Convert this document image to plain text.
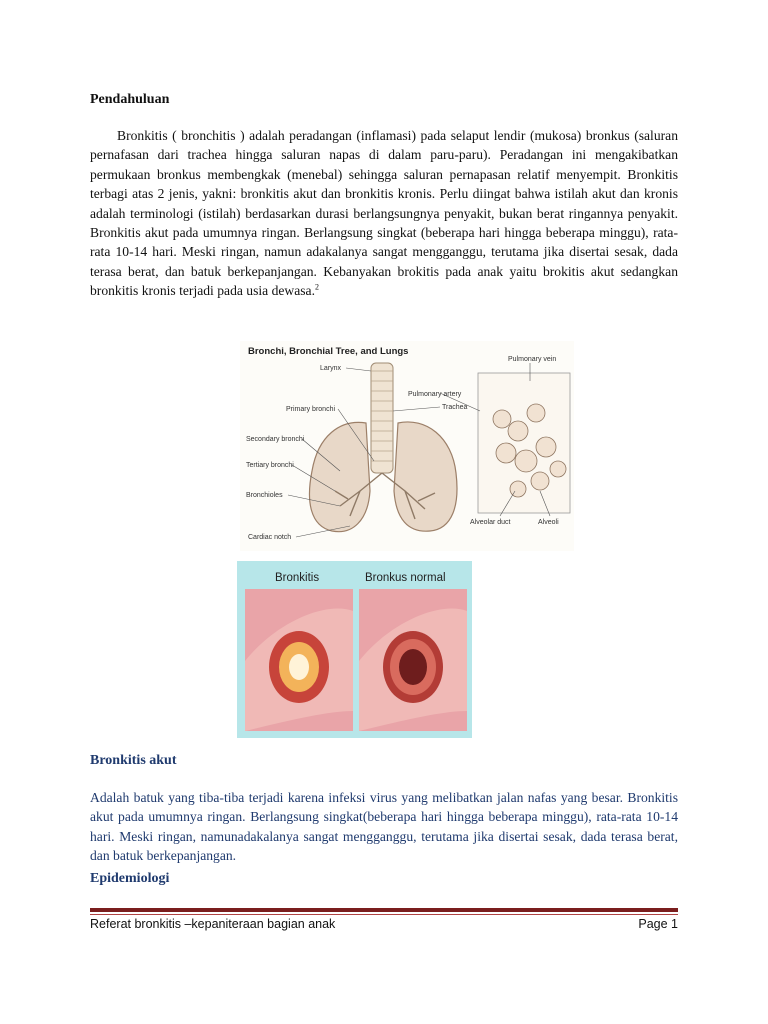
Pendahuluan
Bronkitis ( bronchitis ) adalah peradangan (inflamasi) pada selaput lendir (mukosa) bronkus (saluran pernafasan dari trachea hingga saluran napas di dalam paru-paru). Peradangan ini mengakibatkan permukaan bronkus membengkak (menebal) sehingga saluran pernapasan relatif menyempit. Bronkitis terbagi atas 2 jenis, yakni: bronkitis akut dan bronkitis kronis. Perlu diingat bahwa istilah akut dan kronis adalah terminologi (istilah) berdasarkan durasi berlangsungnya penyakit, bukan berat ringannya penyakit. Bronkitis akut pada umumnya ringan. Berlangsung singkat (beberapa hari hingga beberapa minggu), rata-rata 10-14 hari. Meski ringan, namun adakalanya sangat mengganggu, terutama jika disertai sesak, dada terasa berat, dan batuk berkepanjangan. Kebanyakan brokitis pada anak yaitu brokitis akut sedangkan bronkitis kronis terjadi pada usia dewasa.$^2$
Bronchi, Bronchial Tree, and Lungs
Larynx
Primary bronchi
Secondary bronchi
Tertiary bronchi
Bronchioles
Cardiac notch
Trachea
Pulmonary artery
Pulmonary vein
Alveolar duct	Alveoli
Bronkitis	Bronkus normal
Bronkitis akut
Adalah batuk yang tiba-tiba terjadi karena infeksi virus yang melibatkan jalan nafas yang besar. Bronkitis akut pada umumnya ringan. Berlangsung singkat(beberapa hari hingga beberapa minggu), rata-rata 10-14 hari. Meski ringan, namunadakalanya sangat mengganggu, terutama jika disertai sesak, dada terasa berat, dan batuk berkepanjangan.
Epidemiologi
Referat bronkitis –kepaniteraan bagian anak	Page 1
